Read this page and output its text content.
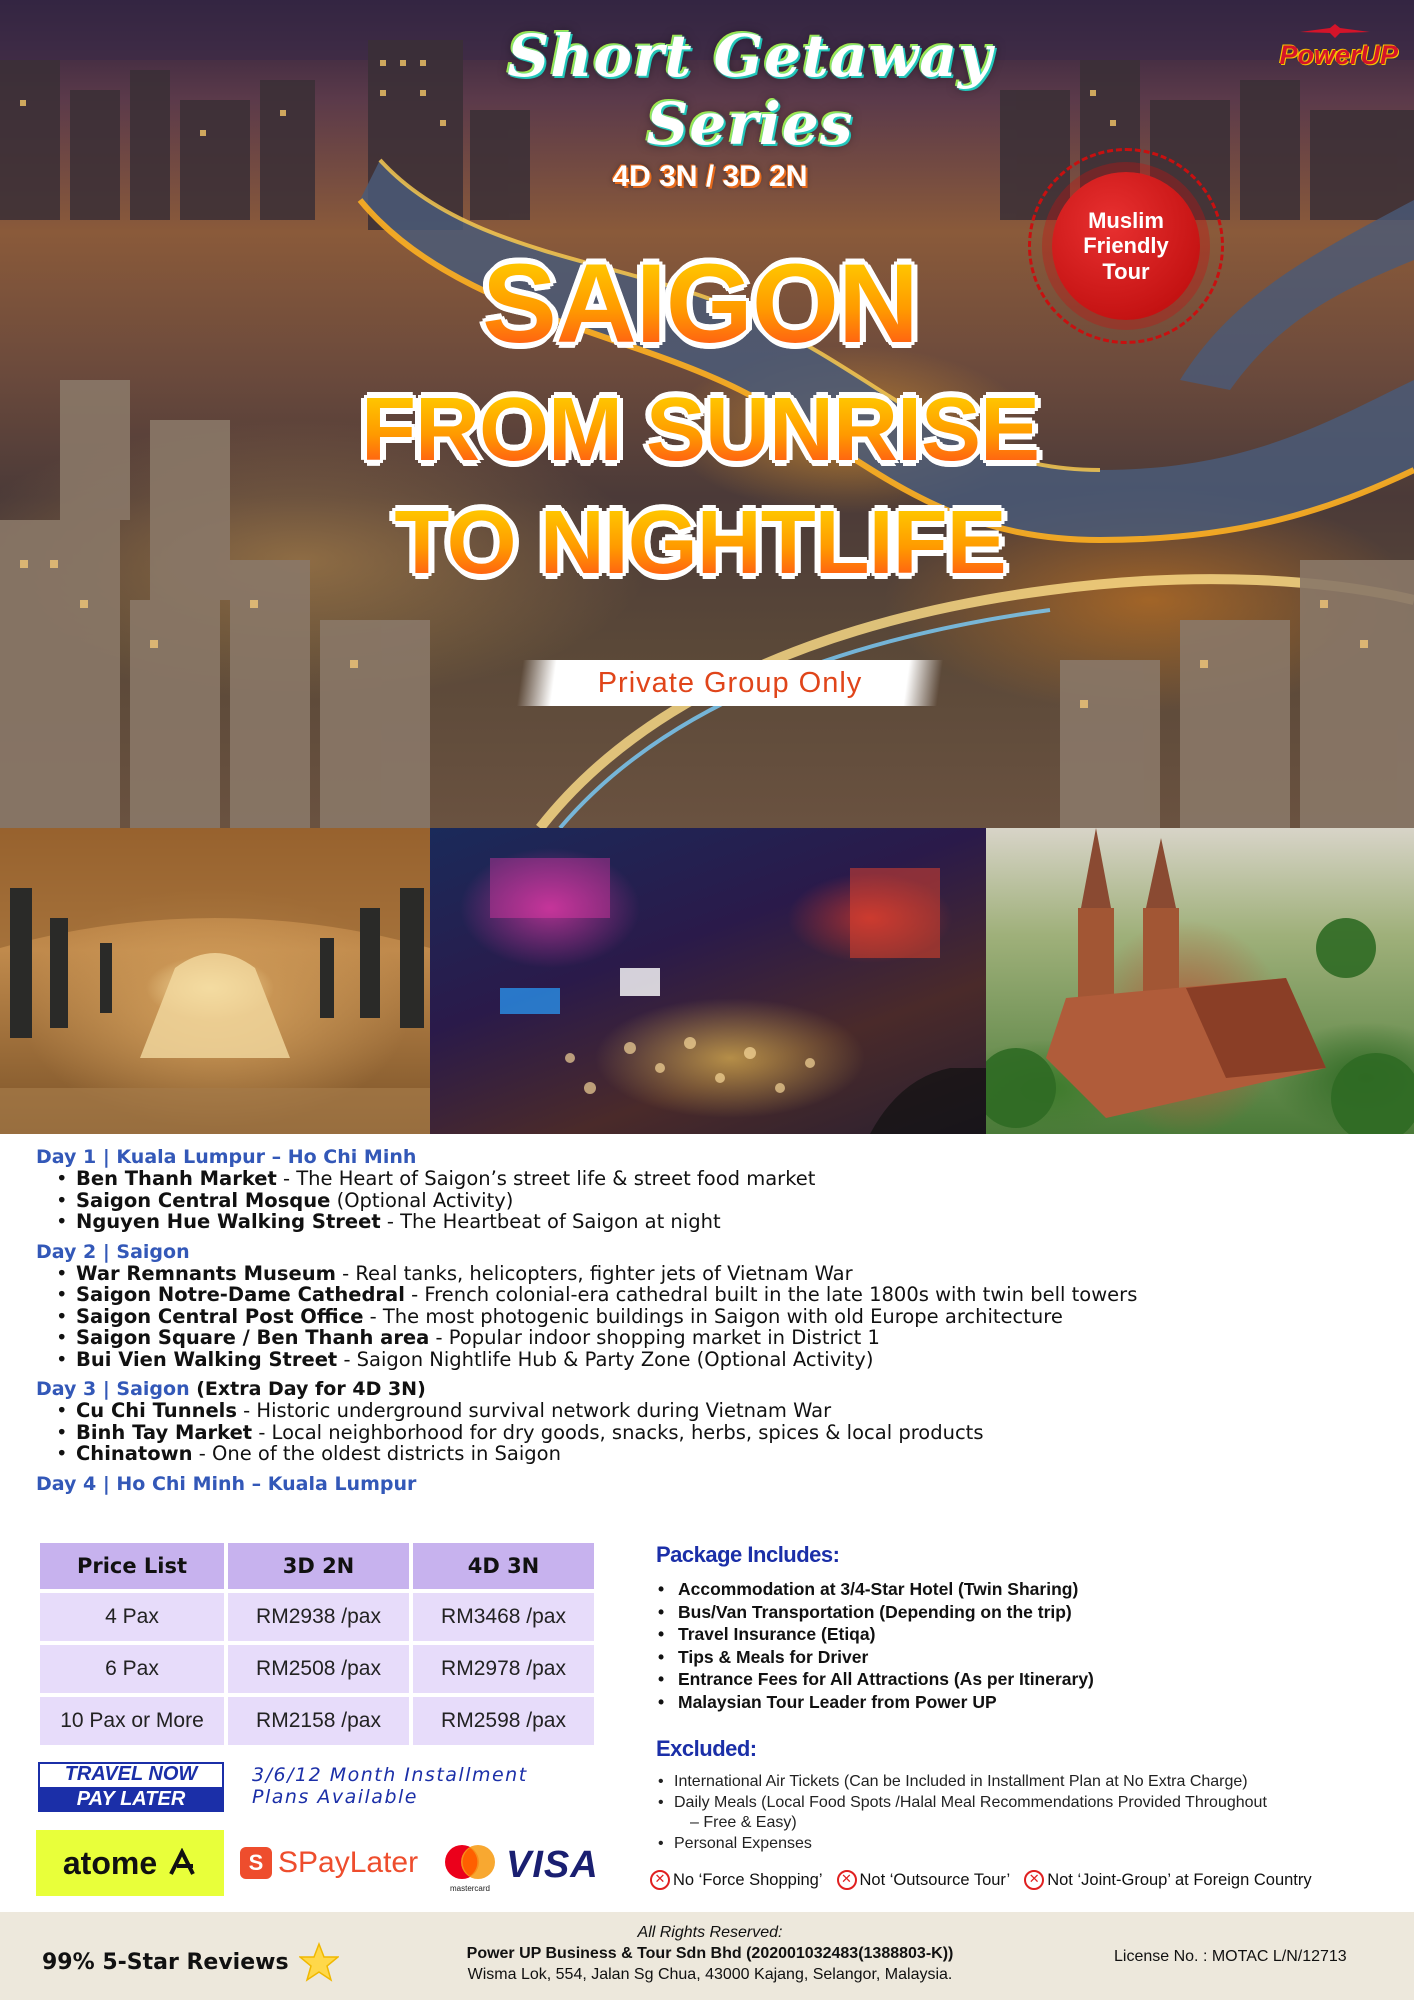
Short Getaway Series
4D 3N / 3D 2N
SAIGON
FROM SUNRISE
TO NIGHTLIFE
Private Group Only
Muslim
Friendly
Tour
PowerUP
Day 1 | Kuala Lumpur – Ho Chi Minh
• Ben Thanh Market - The Heart of Saigon’s street life & street food market
• Saigon Central Mosque (Optional Activity)
• Nguyen Hue Walking Street - The Heartbeat of Saigon at night
Day 2 | Saigon
• War Remnants Museum - Real tanks, helicopters, fighter jets of Vietnam War
• Saigon Notre-Dame Cathedral - French colonial-era cathedral built in the late 1800s with twin bell towers
• Saigon Central Post Office - The most photogenic buildings in Saigon with old Europe architecture
• Saigon Square / Ben Thanh area - Popular indoor shopping market in District 1
• Bui Vien Walking Street - Saigon Nightlife Hub & Party Zone (Optional Activity)
Day 3 | Saigon (Extra Day for 4D 3N)
• Cu Chi Tunnels - Historic underground survival network during Vietnam War
• Binh Tay Market - Local neighborhood for dry goods, snacks, herbs, spices & local products
• Chinatown - One of the oldest districts in Saigon
Day 4 | Ho Chi Minh – Kuala Lumpur
Price List	3D 2N	4D 3N
4 Pax	RM2938 /pax	RM3468 /pax
6 Pax	RM2508 /pax	RM2978 /pax
10 Pax or More	RM2158 /pax	RM2598 /pax
TRAVEL NOW
PAY LATER
3/6/12 Month Installment
Plans Available
atome	S SPayLater
mastercard
VISA
Package Includes:
• Accommodation at 3/4-Star Hotel (Twin Sharing)
• Bus/Van Transportation (Depending on the trip)
• Travel Insurance (Etiqa)
• Tips & Meals for Driver
• Entrance Fees for All Attractions (As per Itinerary)
• Malaysian Tour Leader from Power UP
Excluded:
• International Air Tickets (Can be Included in Installment Plan at No Extra Charge)
• Daily Meals (Local Food Spots /Halal Meal Recommendations Provided Throughout
– Free & Easy)
• Personal Expenses
✕ No ‘Force Shopping’	✕ Not ‘Outsource Tour’	✕ Not ‘Joint-Group’ at Foreign Country
99% 5-Star Reviews
All Rights Reserved:
Power UP Business & Tour Sdn Bhd (202001032483(1388803-K))
Wisma Lok, 554, Jalan Sg Chua, 43000 Kajang, Selangor, Malaysia.
License No. : MOTAC L/N/12713
